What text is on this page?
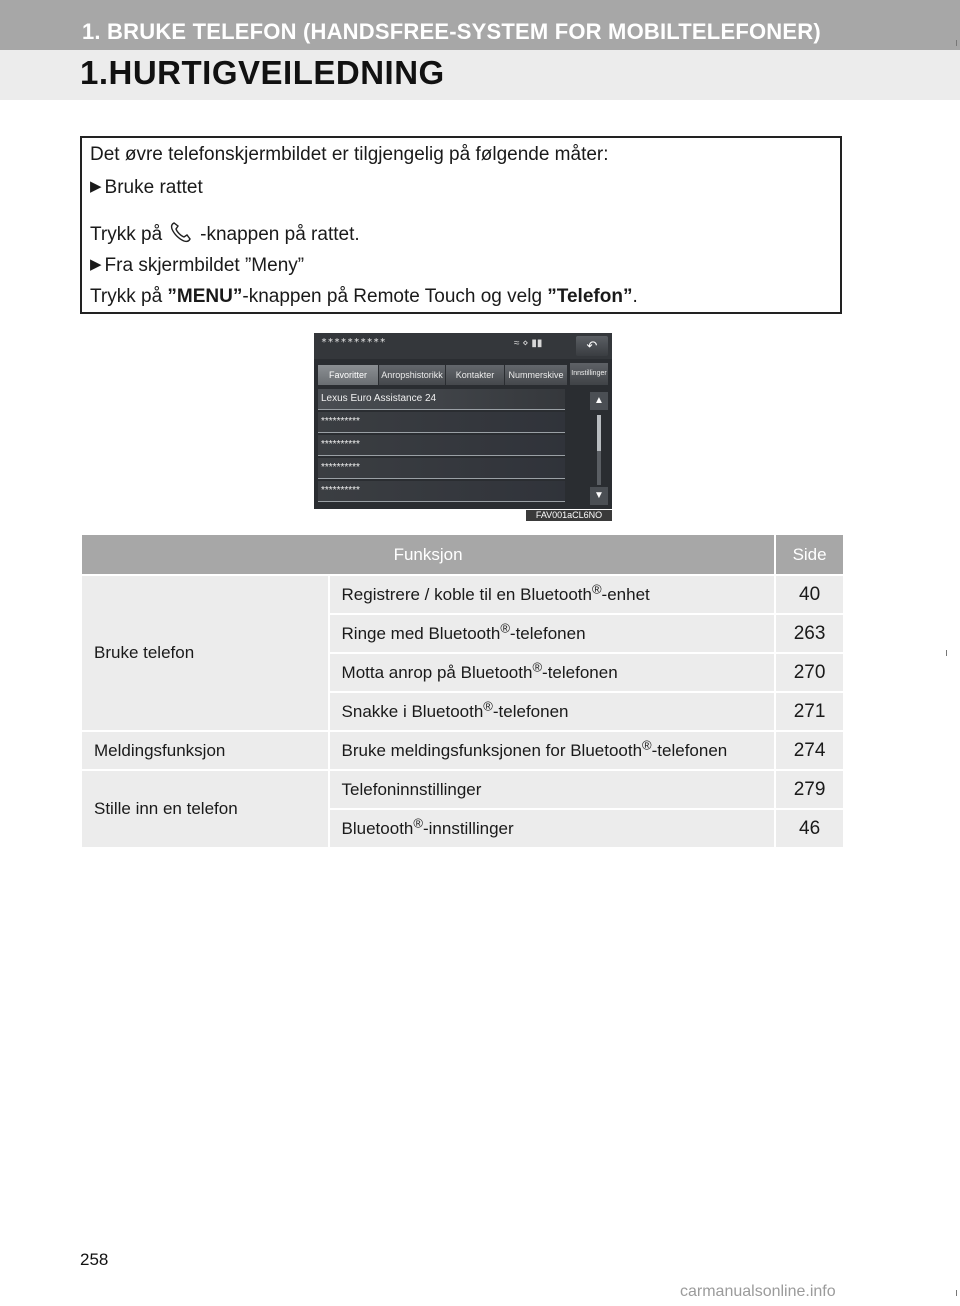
1. BRUKE TELEFON (HANDSFREE-SYSTEM FOR MOBILTELEFONER)
1.HURTIGVEILEDNING

Det øvre telefonskjermbildet er tilgjengelig på følgende måter:

▶ Bruke rattet

Trykk på -knappen på rattet.

▶ Fra skjermbildet ”Meny”

Trykk på ”MENU”-knappen på Remote Touch og velg ”Telefon”.

**********	≈ ⋄ ▮▮	↶
Favoritter	Anropshistorikk	Kontakter	Nummerskive	Innstillinger
Lexus Euro Assistance 24
**********
**********
**********
**********
▲
▼
FAV001aCL6NO
Funksjon		Side
Bruke telefon	Registrere / koble til en Bluetooth®-enhet	40
	Ringe med Bluetooth®-telefonen	263
	Motta anrop på Bluetooth®-telefonen	270
	Snakke i Bluetooth®-telefonen	271
Meldingsfunksjon	Bruke meldingsfunksjonen for Bluetooth®-telefonen	274
Stille inn en telefon	Telefoninnstillinger	279
	Bluetooth®-innstillinger	46

258

carmanualsonline.info
